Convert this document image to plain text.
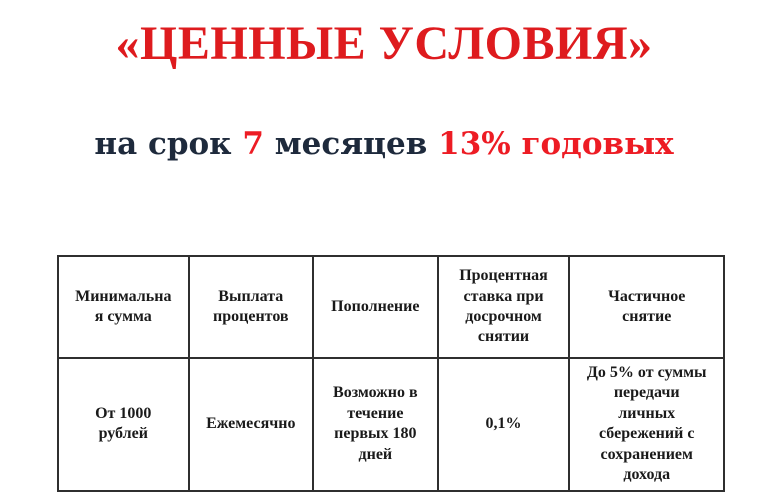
«ЦЕННЫЕ УСЛОВИЯ»
на срок 7 месяцев 13% годовых
Минимальная сумма	Выплата процентов	Пополнение	Процентная ставка при досрочном снятии	Частичное снятие
От 1000 рублей	Ежемесячно	Возможно в течение первых 180 дней	0,1%	До 5% от суммы передачи личных сбережений с сохранением дохода
